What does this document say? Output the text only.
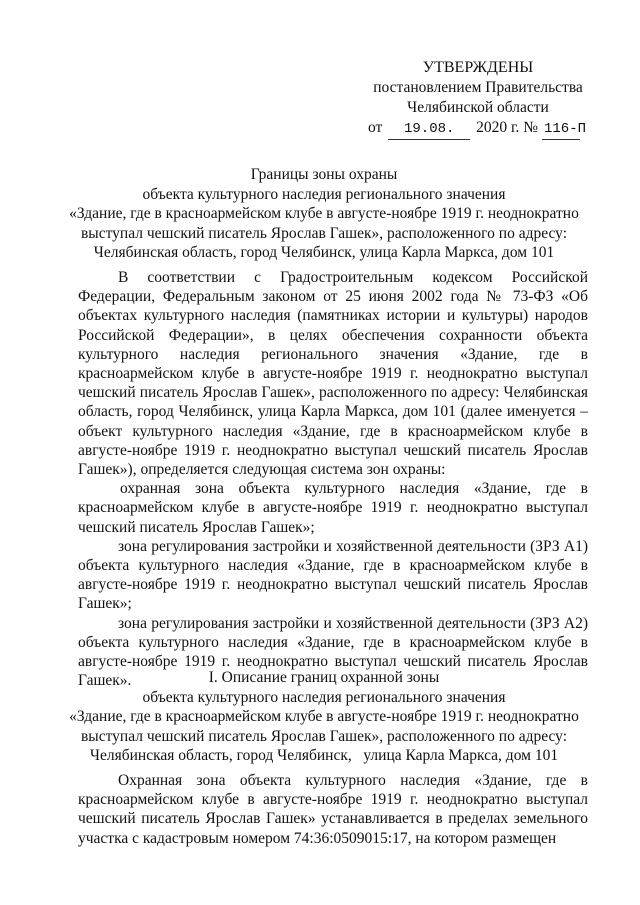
УТВЕРЖДЕНЫ
постановлением Правительства
Челябинской области
от 19.08. 2020 г. № 116-П
Границы зоны охраны
объекта культурного наследия регионального значения
«Здание, где в красноармейском клубе в августе-ноябре 1919 г. неоднократно
выступал чешский писатель Ярослав Гашек», расположенного по адресу:
Челябинская область, город Челябинск, улица Карла Маркса, дом 101

В соответствии с Градостроительным кодексом Российской Федерации, Федеральным законом от 25 июня 2002 года № 73-ФЗ «Об объектах культурного наследия (памятниках истории и культуры) народов Российской Федерации», в целях обеспечения сохранности объекта культурного наследия регионального значения «Здание, где в красноармейском клубе в августе-ноябре 1919 г. неоднократно выступал чешский писатель Ярослав Гашек», расположенного по адресу: Челябинская область, город Челябинск, улица Карла Маркса, дом 101 (далее именуется – объект культурного наследия «Здание, где в красноармейском клубе в августе-ноябре 1919 г. неоднократно выступал чешский писатель Ярослав Гашек»), определяется следующая система зон охраны:

охранная зона объекта культурного наследия «Здание, где в красноармейском клубе в августе-ноябре 1919 г. неоднократно выступал чешский писатель Ярослав Гашек»;

зона регулирования застройки и хозяйственной деятельности (ЗРЗ А1) объекта культурного наследия «Здание, где в красноармейском клубе в августе-ноябре 1919 г. неоднократно выступал чешский писатель Ярослав Гашек»;

зона регулирования застройки и хозяйственной деятельности (ЗРЗ А2) объекта культурного наследия «Здание, где в красноармейском клубе в августе-ноябре 1919 г. неоднократно выступал чешский писатель Ярослав Гашек».	I. Описание границ охранной зоны
объекта культурного наследия регионального значения
«Здание, где в красноармейском клубе в августе-ноябре 1919 г. неоднократно
выступал чешский писатель Ярослав Гашек», расположенного по адресу:
Челябинская область, город Челябинск,   улица Карла Маркса, дом 101

Охранная зона объекта культурного наследия «Здание, где в красноармейском клубе в августе-ноябре 1919 г. неоднократно выступал чешский писатель Ярослав Гашек» устанавливается в пределах земельного участка с кадастровым номером 74:36:0509015:17, на котором размещен
